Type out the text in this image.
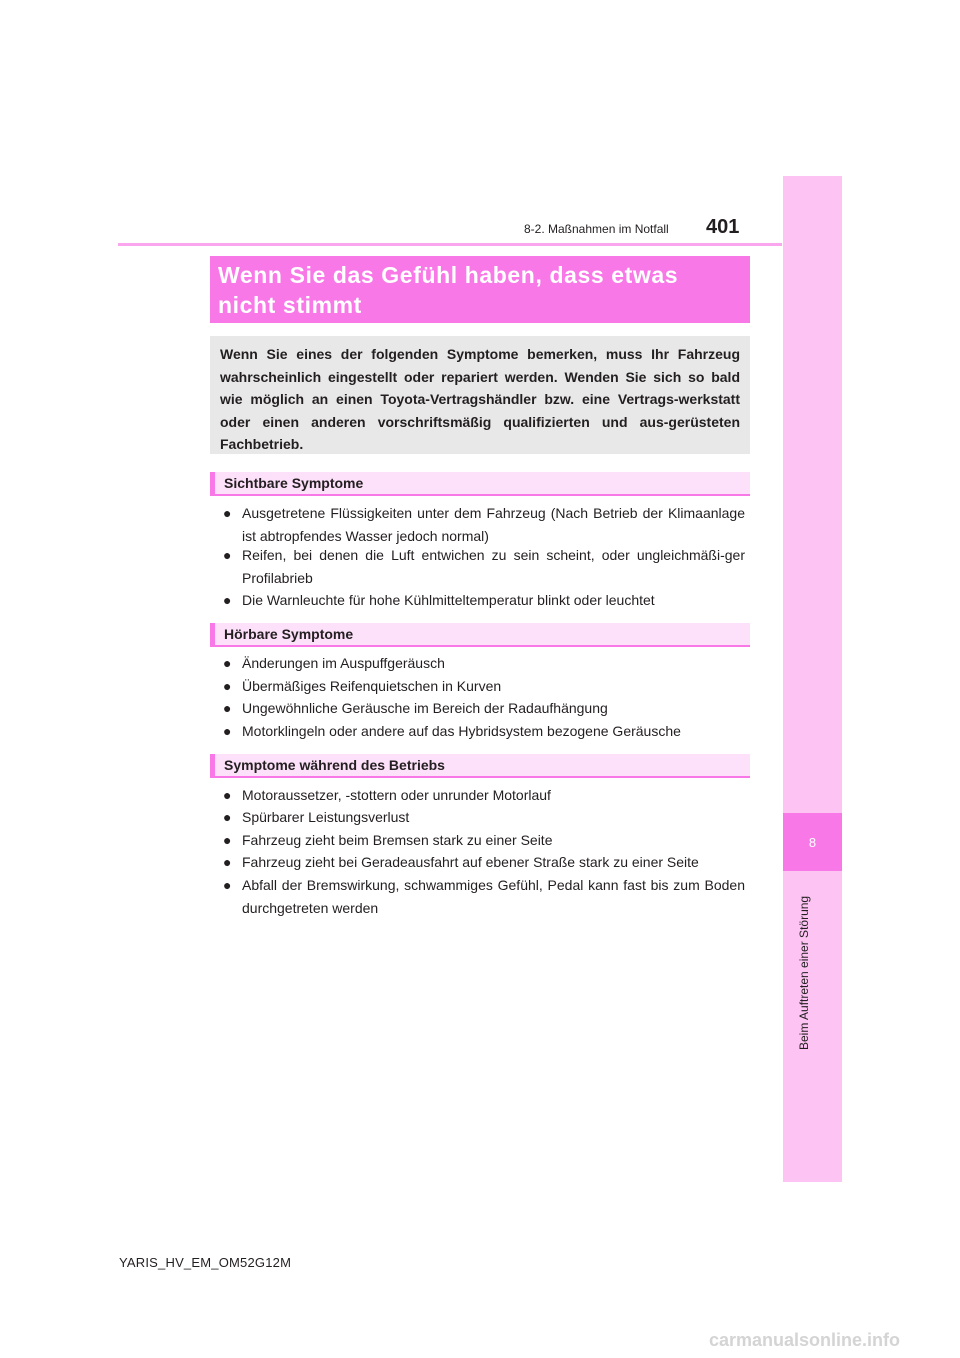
8
Beim Auftreten einer Störung
8-2. Maßnahmen im Notfall 401
Wenn Sie das Gefühl haben, dass etwas nicht stimmt
Wenn Sie eines der folgenden Symptome bemerken, muss Ihr Fahrzeug wahrscheinlich eingestellt oder repariert werden. Wenden Sie sich so bald wie möglich an einen Toyota-Vertragshändler bzw. eine Vertrags-werkstatt oder einen anderen vorschriftsmäßig qualifizierten und aus-gerüsteten Fachbetrieb.
Sichtbare Symptome
● Ausgetretene Flüssigkeiten unter dem Fahrzeug (Nach Betrieb der Klimaanlage ist abtropfendes Wasser jedoch normal)
● Reifen, bei denen die Luft entwichen zu sein scheint, oder ungleichmäßi-ger Profilabrieb
● Die Warnleuchte für hohe Kühlmitteltemperatur blinkt oder leuchtet
Hörbare Symptome
● Änderungen im Auspuffgeräusch
● Übermäßiges Reifenquietschen in Kurven
● Ungewöhnliche Geräusche im Bereich der Radaufhängung
● Motorklingeln oder andere auf das Hybridsystem bezogene Geräusche
Symptome während des Betriebs
● Motoraussetzer, -stottern oder unrunder Motorlauf
● Spürbarer Leistungsverlust
● Fahrzeug zieht beim Bremsen stark zu einer Seite
● Fahrzeug zieht bei Geradeausfahrt auf ebener Straße stark zu einer Seite
● Abfall der Bremswirkung, schwammiges Gefühl, Pedal kann fast bis zum Boden durchgetreten werden
YARIS_HV_EM_OM52G12M
carmanualsonline.info
